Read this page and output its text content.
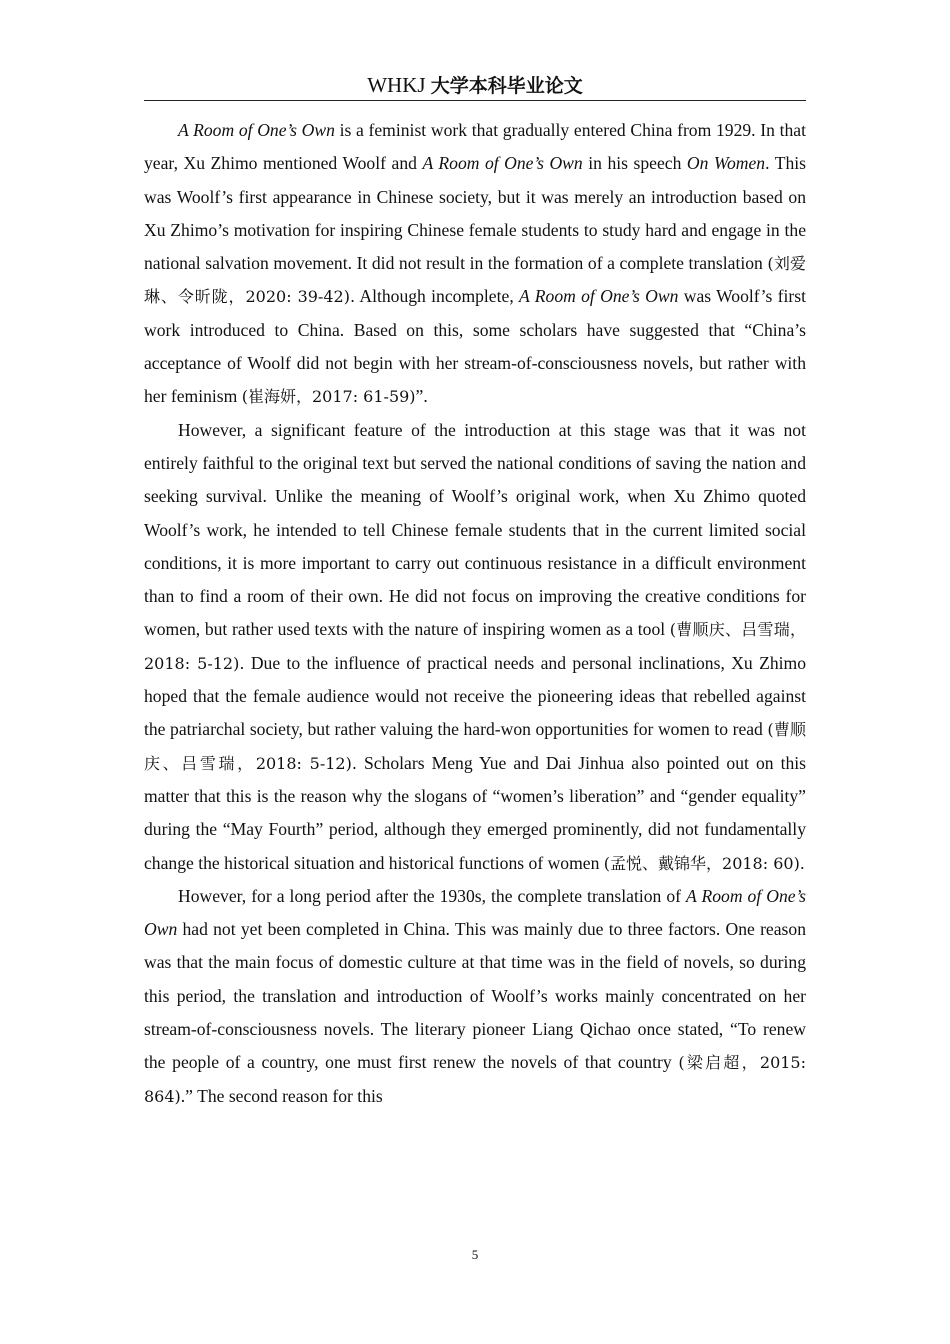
WHKJ 大学本科毕业论文

A Room of One’s Own is a feminist work that gradually entered China from 1929. In that year, Xu Zhimo mentioned Woolf and A Room of One’s Own in his speech On Women. This was Woolf’s first appearance in Chinese society, but it was merely an introduction based on Xu Zhimo’s motivation for inspiring Chinese female students to study hard and engage in the national salvation movement. It did not result in the formation of a complete translation (刘爱琳、令昕陇，2020: 39-42). Although incomplete, A Room of One’s Own was Woolf’s first work introduced to China. Based on this, some scholars have suggested that “China’s acceptance of Woolf did not begin with her stream-of-consciousness novels, but rather with her feminism (崔海妍，2017: 61-59)”.

However, a significant feature of the introduction at this stage was that it was not entirely faithful to the original text but served the national conditions of saving the nation and seeking survival. Unlike the meaning of Woolf’s original work, when Xu Zhimo quoted Woolf’s work, he intended to tell Chinese female students that in the current limited social conditions, it is more important to carry out continuous resistance in a difficult environment than to find a room of their own. He did not focus on improving the creative conditions for women, but rather used texts with the nature of inspiring women as a tool (曹顺庆、吕雪瑞，2018: 5-12). Due to the influence of practical needs and personal inclinations, Xu Zhimo hoped that the female audience would not receive the pioneering ideas that rebelled against the patriarchal society, but rather valuing the hard-won opportunities for women to read (曹顺庆、吕雪瑞，2018: 5-12). Scholars Meng Yue and Dai Jinhua also pointed out on this matter that this is the reason why the slogans of “women’s liberation” and “gender equality” during the “May Fourth” period, although they emerged prominently, did not fundamentally change the historical situation and historical functions of women (孟悦、戴锦华，2018: 60).

However, for a long period after the 1930s, the complete translation of A Room of One’s Own had not yet been completed in China. This was mainly due to three factors. One reason was that the main focus of domestic culture at that time was in the field of novels, so during this period, the translation and introduction of Woolf’s works mainly concentrated on her stream-of-consciousness novels. The literary pioneer Liang Qichao once stated, “To renew the people of a country, one must first renew the novels of that country (梁启超，2015: 864).” The second reason for this

5
